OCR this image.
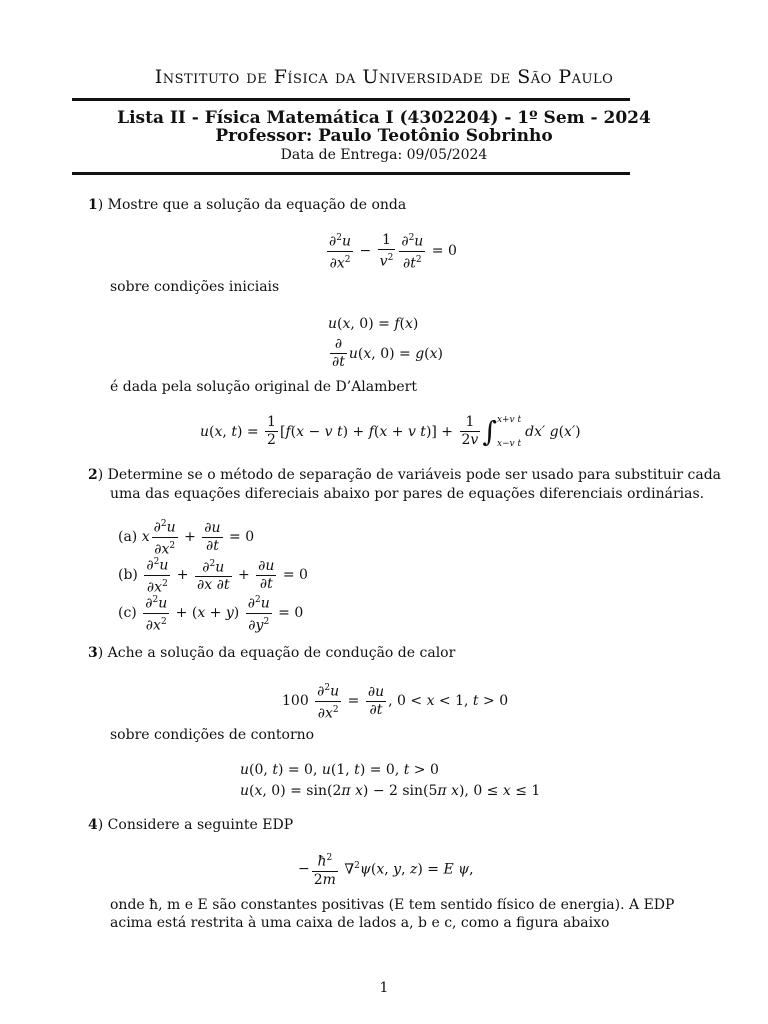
Instituto de Física da Universidade de São Paulo
Lista II - Física Matemática I (4302204) - 1º Sem - 2024
Professor: Paulo Teotônio Sobrinho
Data de Entrega: 09/05/2024
1) Mostre que a solução da equação de onda
$\frac{\partial^2u}{\partial x^2} - \frac{1}{v^2} \frac{\partial^2u}{\partial t^2} = 0$
sobre condições iniciais
u(x, 0) = f(x)
$\frac{\partial}{\partial t} u(x$, 0) = g(x)
é dada pela solução original de D’Alambert
u(x, $t) = \frac{1}{2} [f(x - v$ t) + f(x + v $t)] + \frac{1}{2v}$ ∫ x+v t
x−v t
dx′ g(x′)
2) Determine se o método de separação de variáveis pode ser usado para substituir cada
uma das equações difereciais abaixo por pares de equações diferenciais ordinárias.
(a) x $\frac{\partial^2u}{\partial x^2} + \frac{\partial u}{\partial t} = 0$
(b)
$\frac{\partial^2u}{\partial x^2} + \frac{\partial^2u}{\partial x \partial t} + \frac{\partial u}{\partial t} = 0$
(c)
$\frac{\partial^2u}{\partial x^2} + (x + y) \frac{\partial^2u}{\partial y^2} = 0$
3) Ache a solução da equação de condução de calor
$100 \frac{\partial^2u}{\partial x^2} = \frac{\partial u}{\partial t}$ , 0 < x < 1, t > 0
sobre condições de contorno
u(0, t) = 0, u(1, t) = 0, t > 0
u(x, 0) = sin(2π x) − 2 sin(5π x), 0 ≤ x ≤ 1
4) Considere a seguinte EDP
− $\frac{ħ^2}{2m} \nabla^2\psi(x$, y, z) = E ψ,
onde ħ, m e E são constantes positivas (E tem sentido físico de energia). A EDP
acima está restrita à uma caixa de lados a, b e c, como a figura abaixo
1
